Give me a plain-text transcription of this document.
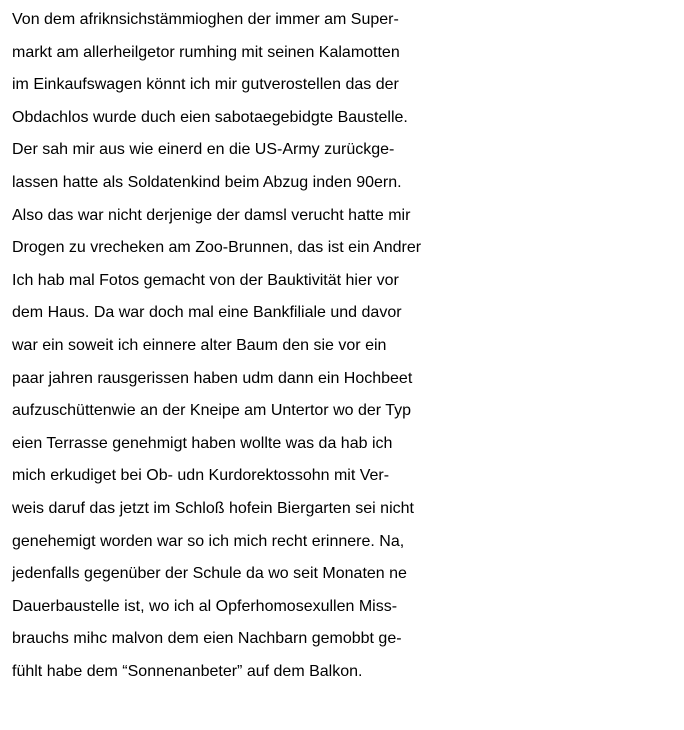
Von dem afriknsichstämmioghen der immer am Super-
markt am allerheilgetor rumhing mit seinen Kalamotten
im Einkaufswagen könnt ich mir gutverostellen das der
Obdachlos wurde duch eien sabotaegebidgte Baustelle.
Der sah mir aus wie einerd en die US-Army zurückge-
lassen hatte als Soldatenkind beim Abzug inden 90ern.
Also das war nicht derjenige der damsl verucht hatte mir
Drogen zu vrecheken am Zoo-Brunnen, das ist ein Andrer
Ich hab mal Fotos gemacht von der Bauktivität hier vor
dem Haus. Da war doch mal eine Bankfiliale und davor
war ein soweit ich einnere alter Baum den sie vor ein
paar jahren rausgerissen haben udm dann ein Hochbeet
aufzuschüttenwie an der Kneipe am Untertor wo der Typ
eien Terrasse genehmigt haben wollte was da hab ich
mich erkudiget bei Ob- udn Kurdorektossohn mit Ver-
weis daruf das jetzt im Schloß hofein Biergarten sei nicht
genehemigt worden war so ich mich recht erinnere. Na,
jedenfalls gegenüber der Schule da wo seit Monaten ne
Dauerbaustelle ist, wo ich al Opferhomosexullen Miss-
brauchs mihc malvon dem eien Nachbarn gemobbt ge-
fühlt habe dem “Sonnenanbeter” auf dem Balkon.
